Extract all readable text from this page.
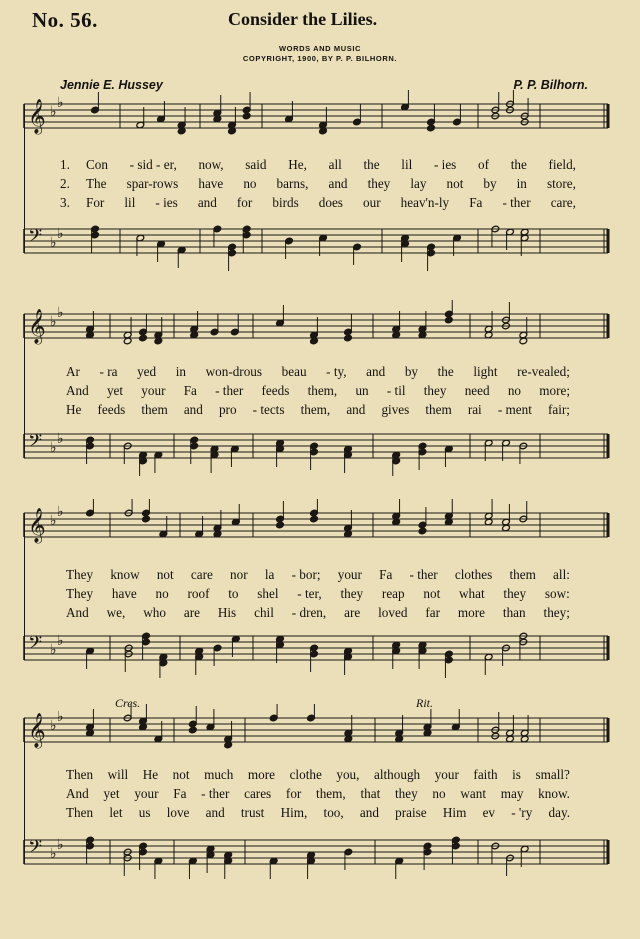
No. 56.	Consider the Lilies.
WORDS AND MUSIC
COPYRIGHT, 1900, BY P. P. BILHORN.
Jennie E. Hussey	P. P. Bilhorn.
Cres.	Rit.
𝄞 ♭
♭
𝄢 ♭
♭
1. Con - sid - er, now, said He, all the lil - ies of the field,
2. The spar-rows have no barns, and they lay not by in store,
3. For lil - ies and for birds does our heav'n-ly Fa - ther care,
𝄞 ♭
♭
𝄢 ♭
♭
Ar - ra yed in won-drous beau - ty, and by the light re-vealed;
And yet your Fa - ther feeds them, un - til they need no more;
He feeds them and pro - tects them, and gives them rai - ment fair;
𝄞 ♭
♭
𝄢 ♭
♭
They know not care nor la - bor; your Fa - ther clothes them all:
They have no roof to shel - ter, they reap not what they sow:
And we, who are His chil - dren, are loved far more than they;
𝄞 ♭
♭
𝄢 ♭
♭
Then will He not much more clothe you, although your faith is small?
And yet your Fa - ther cares for them, that they no want may know.
Then let us love and trust Him, too, and praise Him ev - 'ry day.
